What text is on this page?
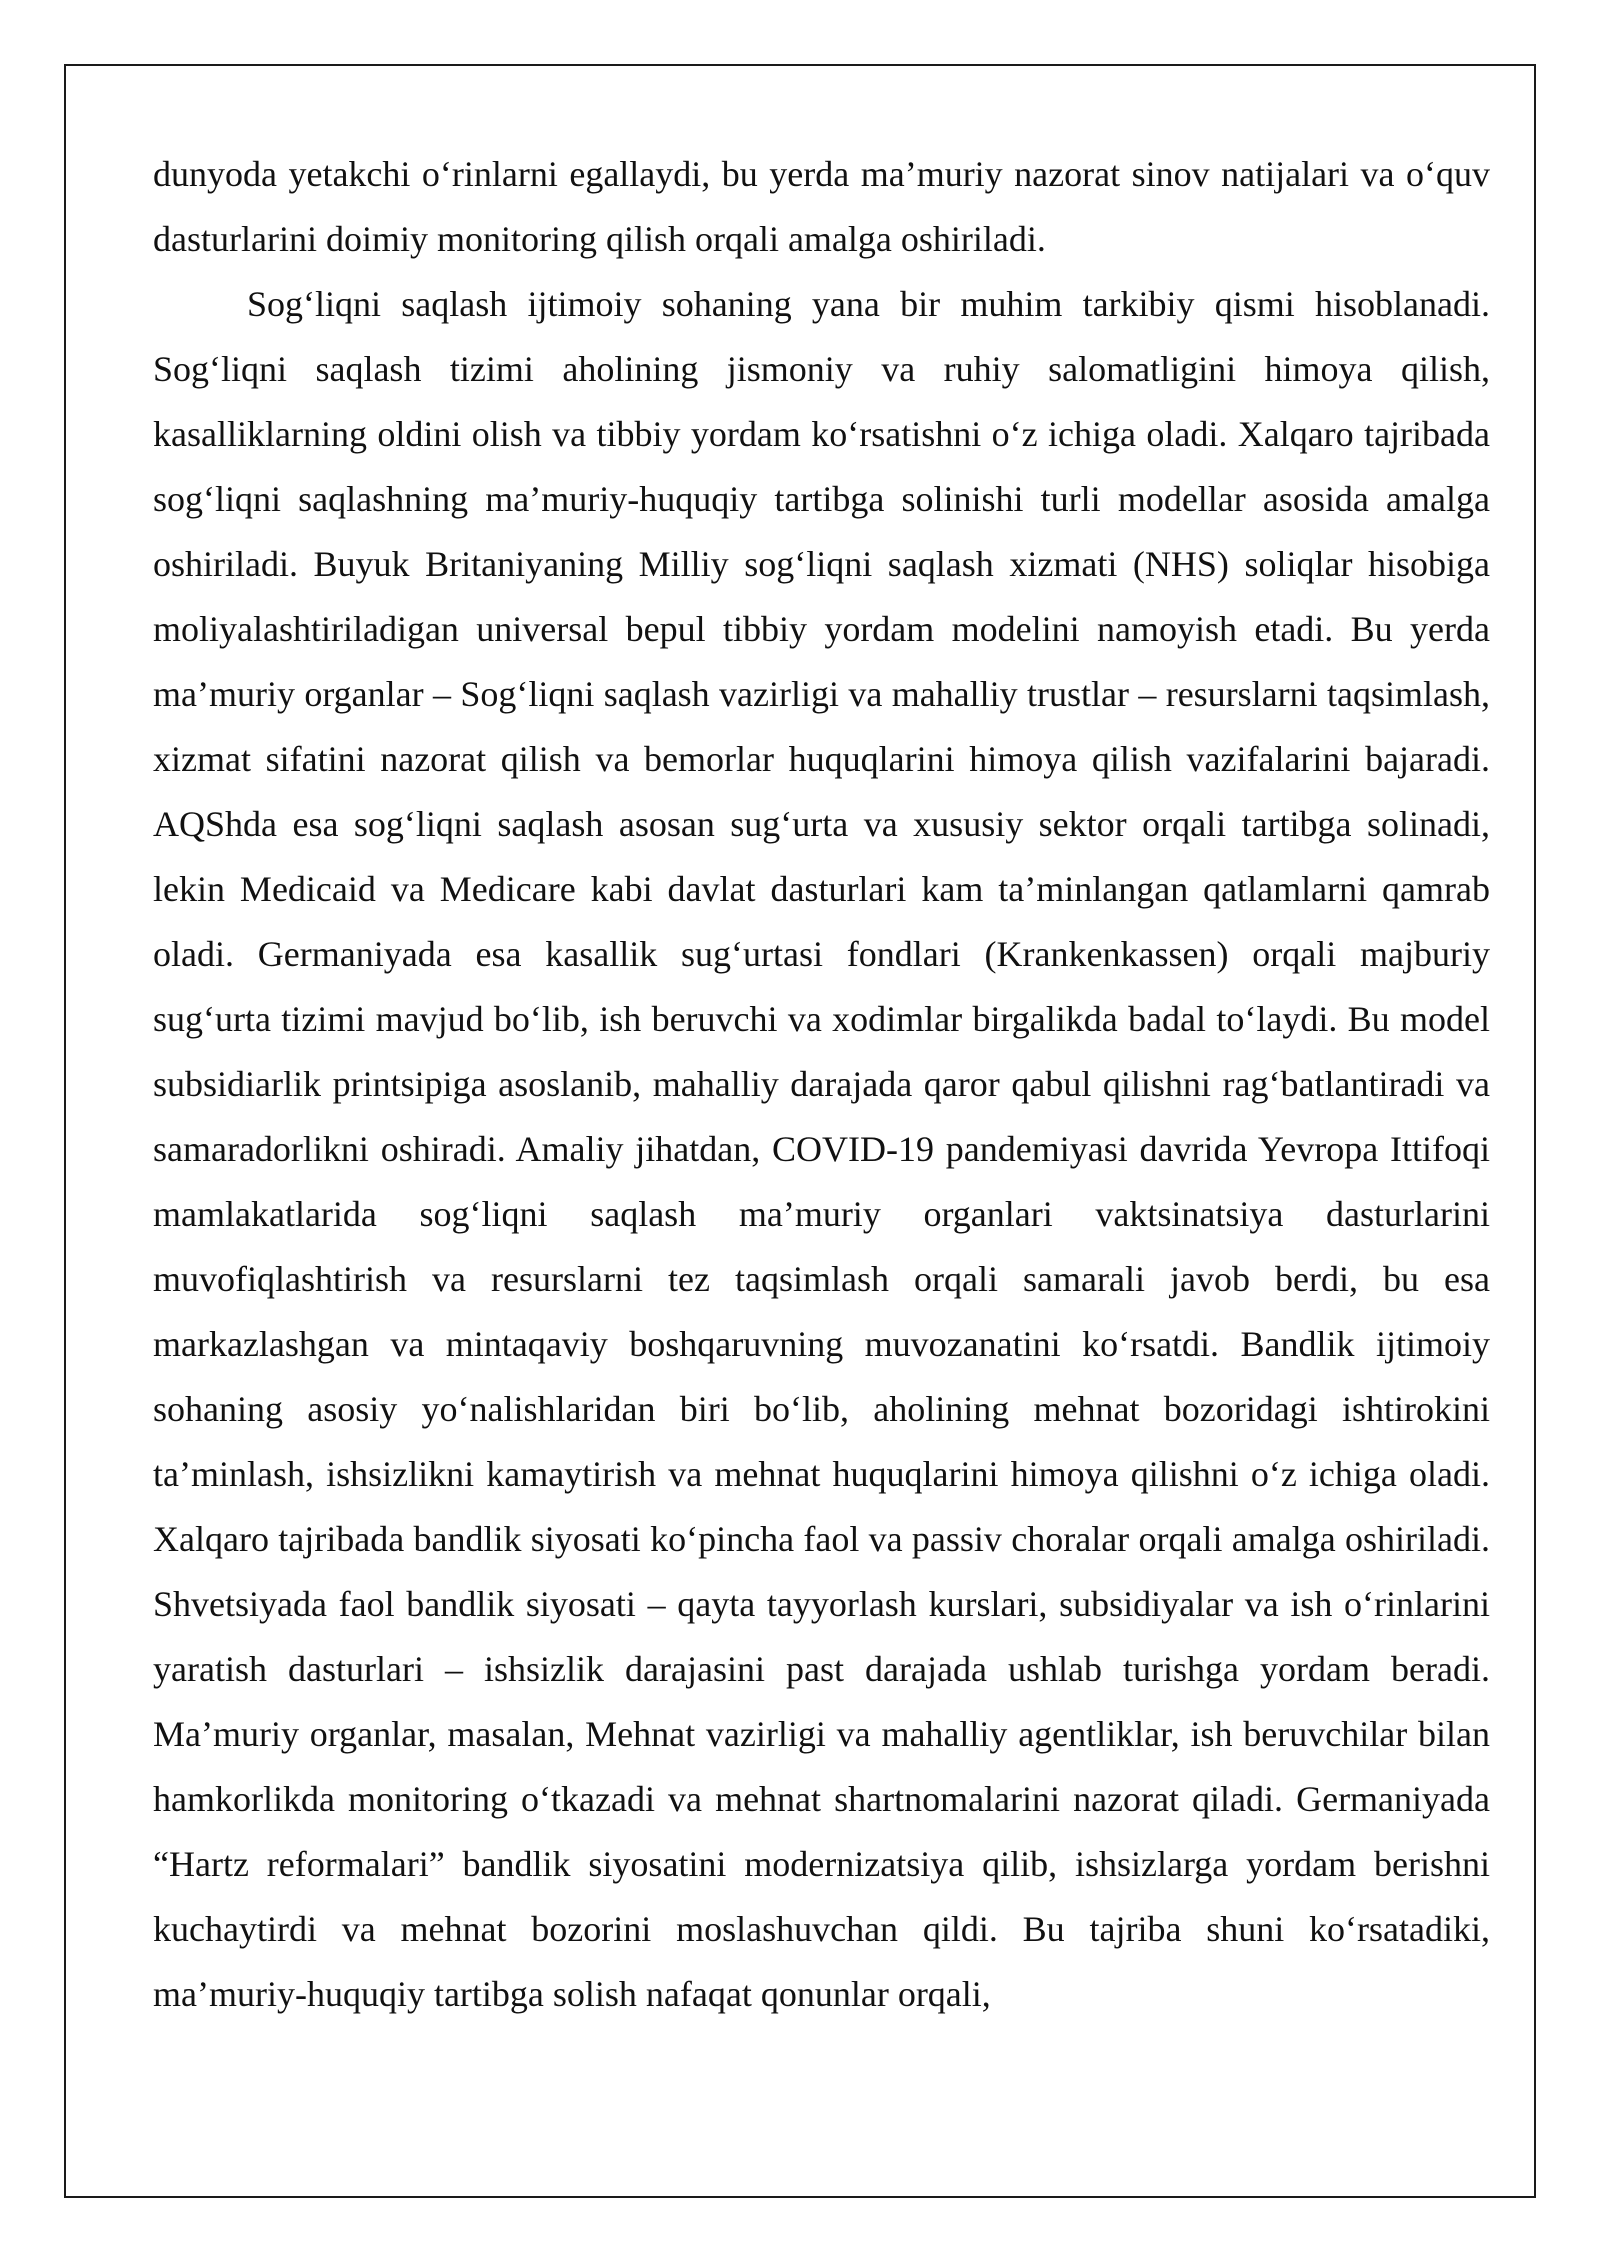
dunyoda yetakchi o‘rinlarni egallaydi, bu yerda ma’muriy nazorat sinov natijalari va o‘quv dasturlarini doimiy monitoring qilish orqali amalga oshiriladi.

Sog‘liqni saqlash ijtimoiy sohaning yana bir muhim tarkibiy qismi hisoblanadi. Sog‘liqni saqlash tizimi aholining jismoniy va ruhiy salomatligini himoya qilish, kasalliklarning oldini olish va tibbiy yordam ko‘rsatishni o‘z ichiga oladi. Xalqaro tajribada sog‘liqni saqlashning ma’muriy-huquqiy tartibga solinishi turli modellar asosida amalga oshiriladi. Buyuk Britaniyaning Milliy sog‘liqni saqlash xizmati (NHS) soliqlar hisobiga moliyalashtiriladigan universal bepul tibbiy yordam modelini namoyish etadi. Bu yerda ma’muriy organlar – Sog‘liqni saqlash vazirligi va mahalliy trustlar – resurslarni taqsimlash, xizmat sifatini nazorat qilish va bemorlar huquqlarini himoya qilish vazifalarini bajaradi. AQShda esa sog‘liqni saqlash asosan sug‘urta va xususiy sektor orqali tartibga solinadi, lekin Medicaid va Medicare kabi davlat dasturlari kam ta’minlangan qatlamlarni qamrab oladi. Germaniyada esa kasallik sug‘urtasi fondlari (Krankenkassen) orqali majburiy sug‘urta tizimi mavjud bo‘lib, ish beruvchi va xodimlar birgalikda badal to‘laydi. Bu model subsidiarlik printsipiga asoslanib, mahalliy darajada qaror qabul qilishni rag‘batlantiradi va samaradorlikni oshiradi. Amaliy jihatdan, COVID-19 pandemiyasi davrida Yevropa Ittifoqi mamlakatlarida sog‘liqni saqlash ma’muriy organlari vaktsinatsiya dasturlarini muvofiqlashtirish va resurslarni tez taqsimlash orqali samarali javob berdi, bu esa markazlashgan va mintaqaviy boshqaruvning muvozanatini ko‘rsatdi. Bandlik ijtimoiy sohaning asosiy yo‘nalishlaridan biri bo‘lib, aholining mehnat bozoridagi ishtirokini ta’minlash, ishsizlikni kamaytirish va mehnat huquqlarini himoya qilishni o‘z ichiga oladi. Xalqaro tajribada bandlik siyosati ko‘pincha faol va passiv choralar orqali amalga oshiriladi. Shvetsiyada faol bandlik siyosati – qayta tayyorlash kurslari, subsidiyalar va ish o‘rinlarini yaratish dasturlari – ishsizlik darajasini past darajada ushlab turishga yordam beradi. Ma’muriy organlar, masalan, Mehnat vazirligi va mahalliy agentliklar, ish beruvchilar bilan hamkorlikda monitoring o‘tkazadi va mehnat shartnomalarini nazorat qiladi. Germaniyada “Hartz reformalari” bandlik siyosatini modernizatsiya qilib, ishsizlarga yordam berishni kuchaytirdi va mehnat bozorini moslashuvchan qildi. Bu tajriba shuni ko‘rsatadiki, ma’muriy-huquqiy tartibga solish nafaqat qonunlar orqali,
